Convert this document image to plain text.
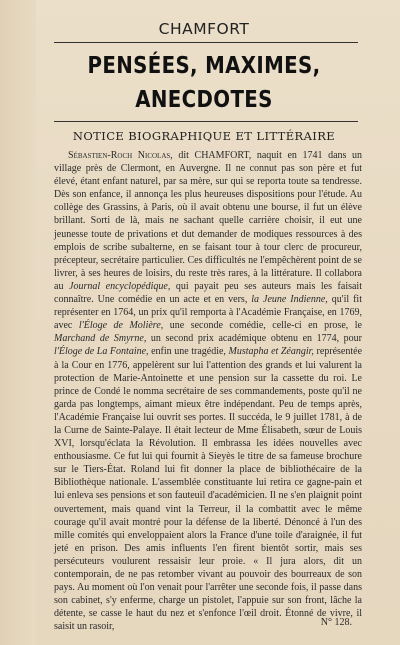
CHAMFORT
PENSÉES, MAXIMES, ANECDOTES
NOTICE BIOGRAPHIQUE ET LITTÉRAIRE

Sébastien-Roch Nicolas, dit CHAMFORT, naquit en 1741 dans un village près de Clermont, en Auvergne. Il ne connut pas son père et fut élevé, étant enfant naturel, par sa mère, sur qui se reporta toute sa tendresse. Dès son enfance, il annonça les plus heureuses dispositions pour l'étude. Au collège des Grassins, à Paris, où il avait obtenu une bourse, il fut un élève brillant. Sorti de là, mais ne sachant quelle carrière choisir, il eut une jeunesse toute de privations et dut demander de modiques ressources à des emplois de scribe subalterne, en se faisant tour à tour clerc de procureur, précepteur, secrétaire particulier. Ces difficultés ne l'empêchèrent point de se livrer, à ses heures de loisirs, du reste très rares, à la littérature. Il collabora au Journal encyclopédique, qui payait peu ses auteurs mais les faisait connaître. Une comédie en un acte et en vers, la Jeune Indienne, qu'il fit représenter en 1764, un prix qu'il remporta à l'Académie Française, en 1769, avec l'Éloge de Molière, une seconde comédie, celle-ci en prose, le Marchand de Smyrne, un second prix académique obtenu en 1774, pour l'Éloge de La Fontaine, enfin une tragédie, Mustapha et Zéangir, représentée à la Cour en 1776, appelèrent sur lui l'attention des grands et lui valurent la protection de Marie-Antoinette et une pension sur la cassette du roi. Le prince de Condé le nomma secrétaire de ses commandements, poste qu'il ne garda pas longtemps, aimant mieux être indépendant. Peu de temps après, l'Académie Française lui ouvrit ses portes. Il succéda, le 9 juillet 1781, à de la Curne de Sainte-Palaye. Il était lecteur de Mme Élisabeth, sœur de Louis XVI, lorsqu'éclata la Révolution. Il embrassa les idées nouvelles avec enthousiasme. Ce fut lui qui fournit à Sieyès le titre de sa fameuse brochure sur le Tiers-État. Roland lui fit donner la place de bibliothécaire de la Bibliothèque nationale. L'assemblée constituante lui retira ce gagne-pain et lui enleva ses pensions et son fauteuil d'académicien. Il ne s'en plaignit point ouvertement, mais quand vint la Terreur, il la combattit avec le même courage qu'il avait montré pour la défense de la liberté. Dénoncé à l'un des mille comités qui enveloppaient alors la France d'une toile d'araignée, il fut jeté en prison. Des amis influents l'en firent bientôt sortir, mais ses persécuteurs voulurent ressaisir leur proie. « Il jura alors, dit un contemporain, de ne pas retomber vivant au pouvoir des bourreaux de son pays. Au moment où l'on venait pour l'arrêter une seconde fois, il passe dans son cabinet, s'y enferme, charge un pistolet, l'appuie sur son front, lâche la détente, se casse le haut du nez et s'enfonce l'œil droit. Étonné de vivre, il saisit un rasoir,	N° 128.
